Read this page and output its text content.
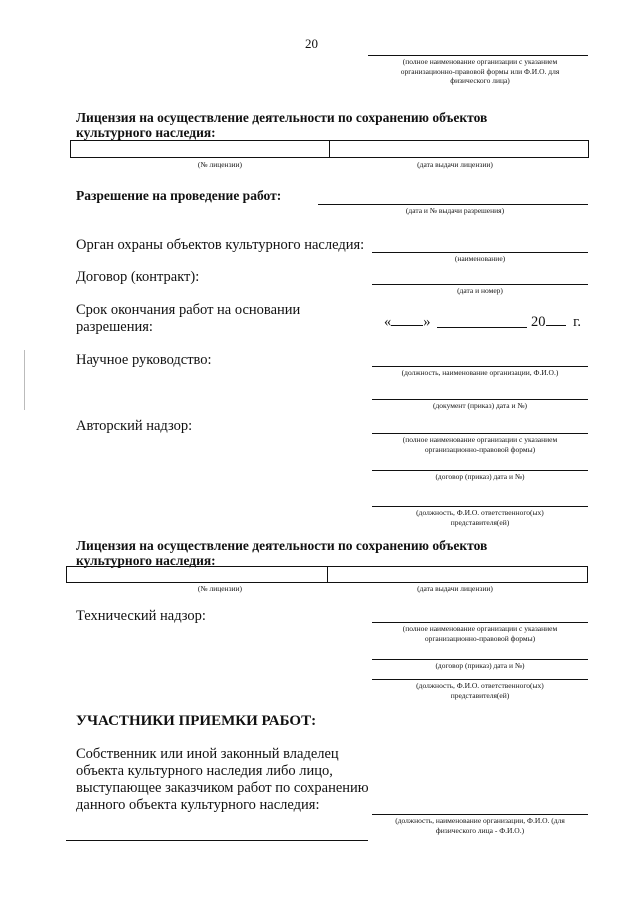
20
(полное наименование организации с указанием организационно-правовой формы или Ф.И.О. для физического лица)
Лицензия на осуществление деятельности по сохранению объектов культурного наследия:
(№ лицензии)	(дата выдачи лицензии)
Разрешение на проведение работ:
(дата и № выдачи разрешения)
Орган охраны объектов культурного наследия:
(наименование)
Договор (контракт):
(дата и номер)
Срок окончания работ на основании разрешения:	« »	20 г.
Научное руководство:
(должность, наименование организации, Ф.И.О.)
(документ (приказ) дата и №)
Авторский надзор:
(полное наименование организации с указанием организационно-правовой формы)
(договор (приказ) дата и №)
(должность, Ф.И.О. ответственного(ых) представителя(ей)
Лицензия на осуществление деятельности по сохранению объектов культурного наследия:
(№ лицензии)	(дата выдачи лицензии)
Технический надзор:
(полное наименование организации с указанием организационно-правовой формы)
(договор (приказ) дата и №)
(должность, Ф.И.О. ответственного(ых) представителя(ей)
УЧАСТНИКИ ПРИЕМКИ РАБОТ:
Собственник или иной законный владелец объекта культурного наследия либо лицо, выступающее заказчиком работ по сохранению данного объекта культурного наследия:
(должность, наименование организации, Ф.И.О. (для физического лица - Ф.И.О.)
